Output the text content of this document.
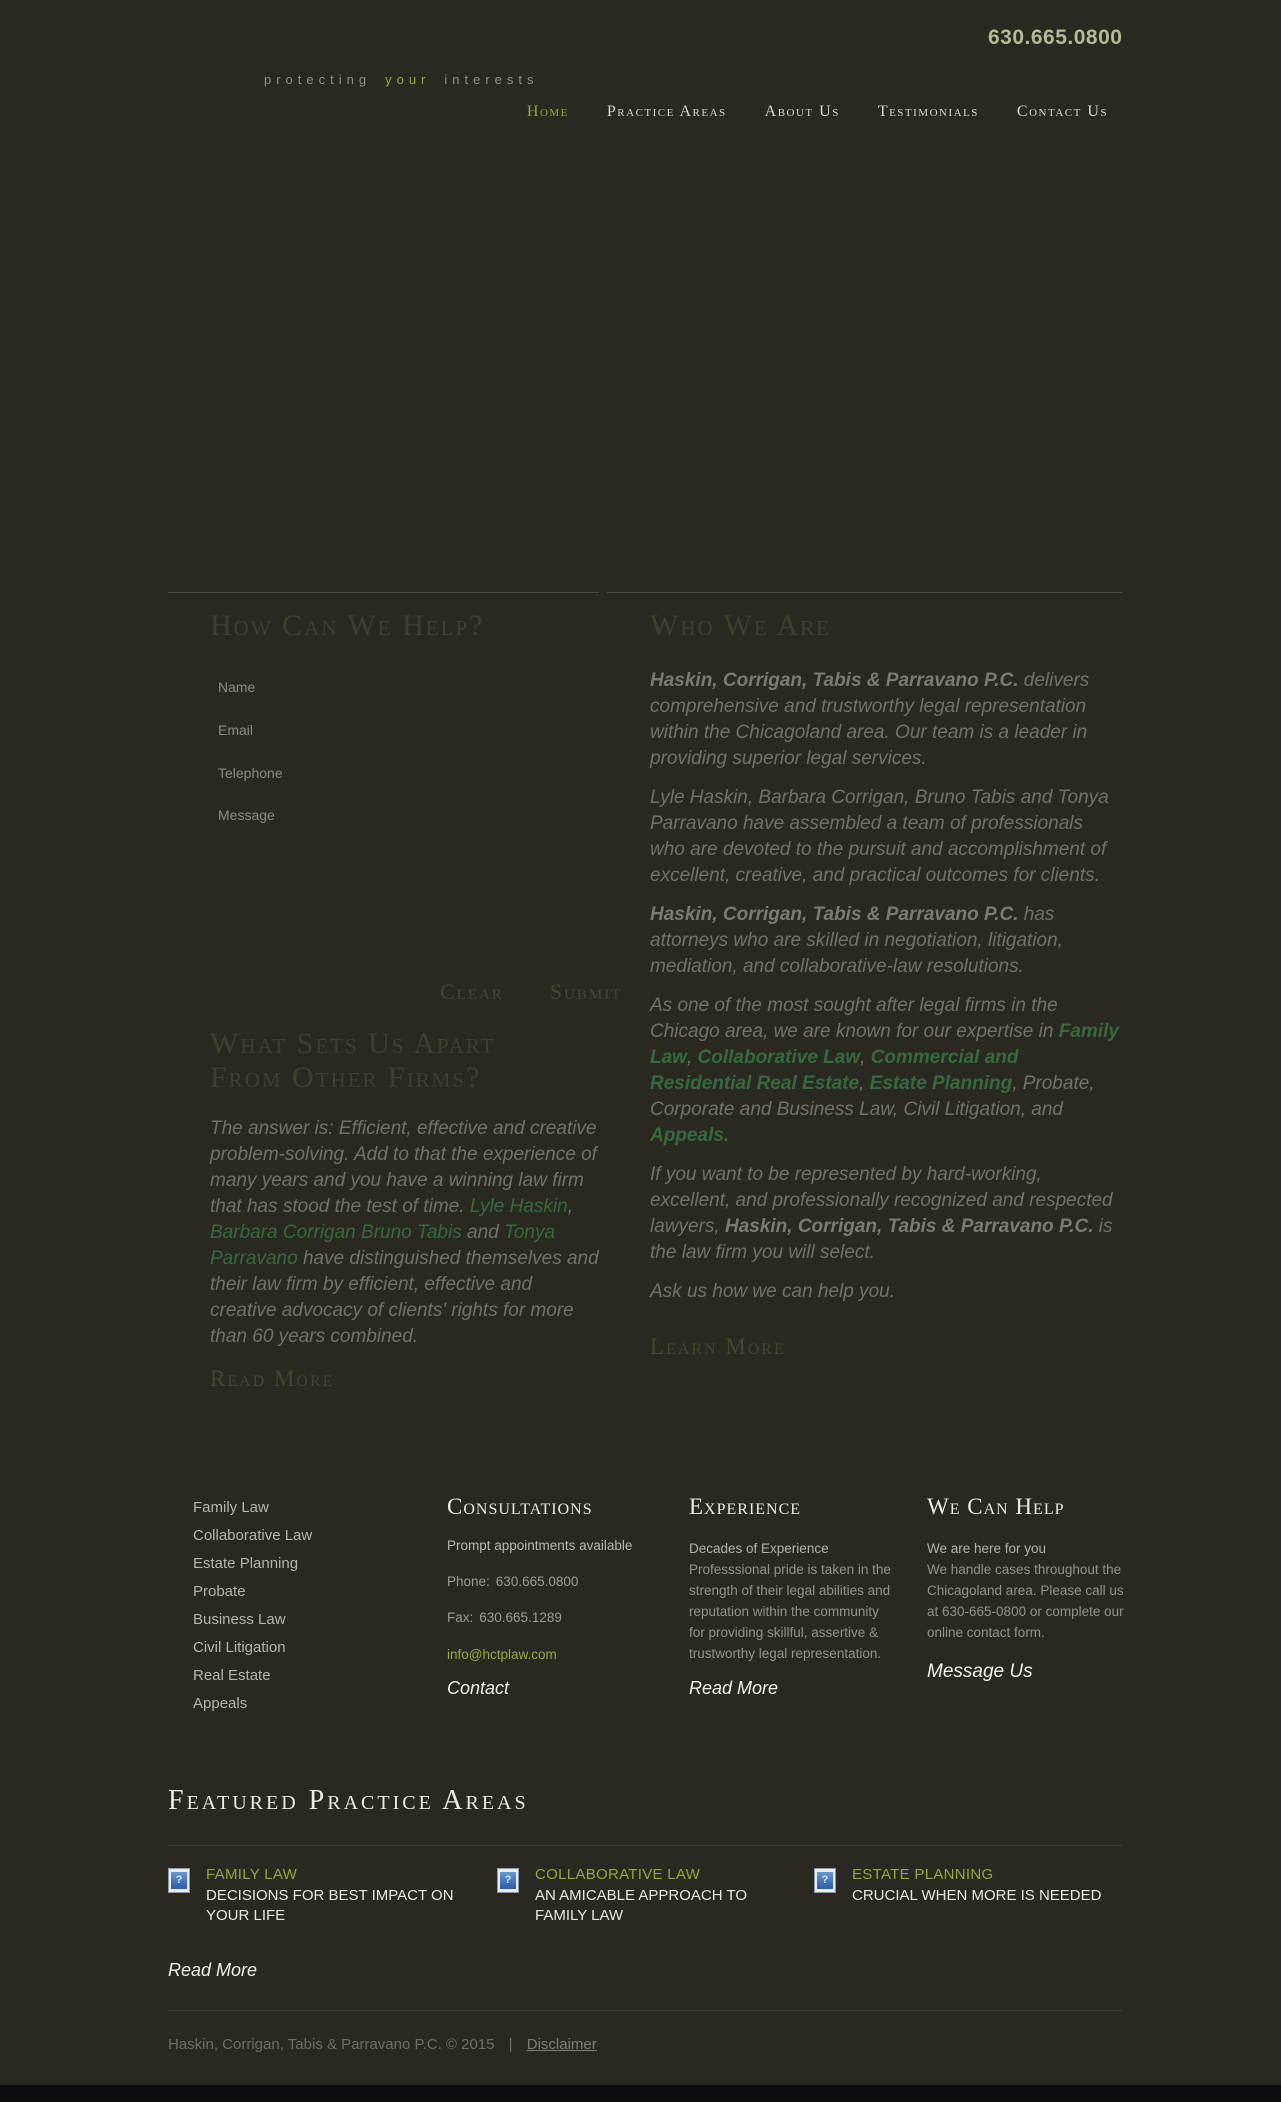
630.665.0800
protecting your interests
Home Practice Areas About Us Testimonials Contact Us
How Can We Help?
Name
Email
Telephone
Message
Clear Submit
What Sets Us Apart From Other Firms?

The answer is: Efficient, effective and creative problem-solving. Add to that the experience of many years and you have a winning law firm that has stood the test of time. Lyle Haskin, Barbara Corrigan Bruno Tabis and Tonya Parravano have distinguished themselves and their law firm by efficient, effective and creative advocacy of clients' rights for more than 60 years combined.

Read More
Who We Are

Haskin, Corrigan, Tabis & Parravano P.C. delivers comprehensive and trustworthy legal representation within the Chicagoland area. Our team is a leader in providing superior legal services.

Lyle Haskin, Barbara Corrigan, Bruno Tabis and Tonya Parravano have assembled a team of professionals who are devoted to the pursuit and accomplishment of excellent, creative, and practical outcomes for clients.

Haskin, Corrigan, Tabis & Parravano P.C. has attorneys who are skilled in negotiation, litigation, mediation, and collaborative-law resolutions.

As one of the most sought after legal firms in the Chicago area, we are known for our expertise in Family Law, Collaborative Law, Commercial and Residential Real Estate, Estate Planning, Probate, Corporate and Business Law, Civil Litigation, and Appeals.

If you want to be represented by hard-working, excellent, and professionally recognized and respected lawyers, Haskin, Corrigan, Tabis & Parravano P.C. is the law firm you will select.

Ask us how we can help you.

Learn More
Family Law
Collaborative Law
Estate Planning
Probate
Business Law
Civil Litigation
Real Estate
Appeals
Consultations
Prompt appointments available
Phone: 630.665.0800
Fax: 630.665.1289
info@hctplaw.com
Contact
Experience
Decades of Experience
Professsional pride is taken in the
strength of their legal abilities and
reputation within the community
for providing skillful, assertive &
trustworthy legal representation.
Read More
We Can Help
We are here for you
We handle cases throughout the
Chicagoland area. Please call us
at 630-665-0800 or complete our
online contact form.
Message Us
Featured Practice Areas
?	FAMILY LAW
DECISIONS FOR BEST IMPACT ON YOUR LIFE
?	COLLABORATIVE LAW
AN AMICABLE APPROACH TO FAMILY LAW
?	ESTATE PLANNING
CRUCIAL WHEN MORE IS NEEDED
Read More
Haskin, Corrigan, Tabis & Parravano P.C. © 2015 | Disclaimer
